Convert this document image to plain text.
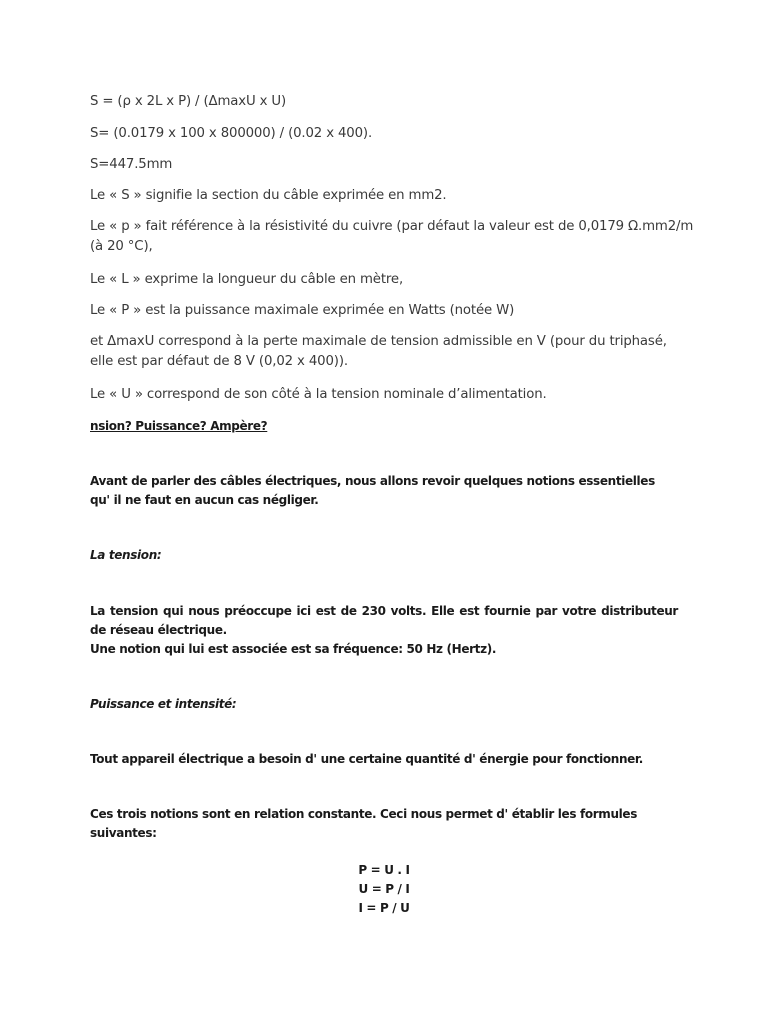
S = (ρ x 2L x P) / (ΔmaxU x U)
S= (0.0179 x 100 x 800000) / (0.02 x 400).
S=447.5mm
Le « S » signifie la section du câble exprimée en mm2.
Le « p » fait référence à la résistivité du cuivre (par défaut la valeur est de 0,0179 Ω.mm2/m
(à 20 °C),
Le « L » exprime la longueur du câble en mètre,
Le « P » est la puissance maximale exprimée en Watts (notée W)
et ΔmaxU correspond à la perte maximale de tension admissible en V (pour du triphasé,
elle est par défaut de 8 V (0,02 x 400)).
Le « U » correspond de son côté à la tension nominale d’alimentation.
nsion? Puissance? Ampère?
Avant de parler des câbles électriques, nous allons revoir quelques notions essentielles qu' il ne faut en aucun cas négliger.
La tension:
La tension qui nous préoccupe ici est de 230 volts. Elle est fournie par votre distributeur de réseau électrique.
Une notion qui lui est associée est sa fréquence: 50 Hz (Hertz).
Puissance et intensité:
Tout appareil électrique a besoin d' une certaine quantité d' énergie pour fonctionner.
Ces trois notions sont en relation constante. Ceci nous permet d' établir les formules suivantes:
P = U . I
U = P / I
I = P / U
